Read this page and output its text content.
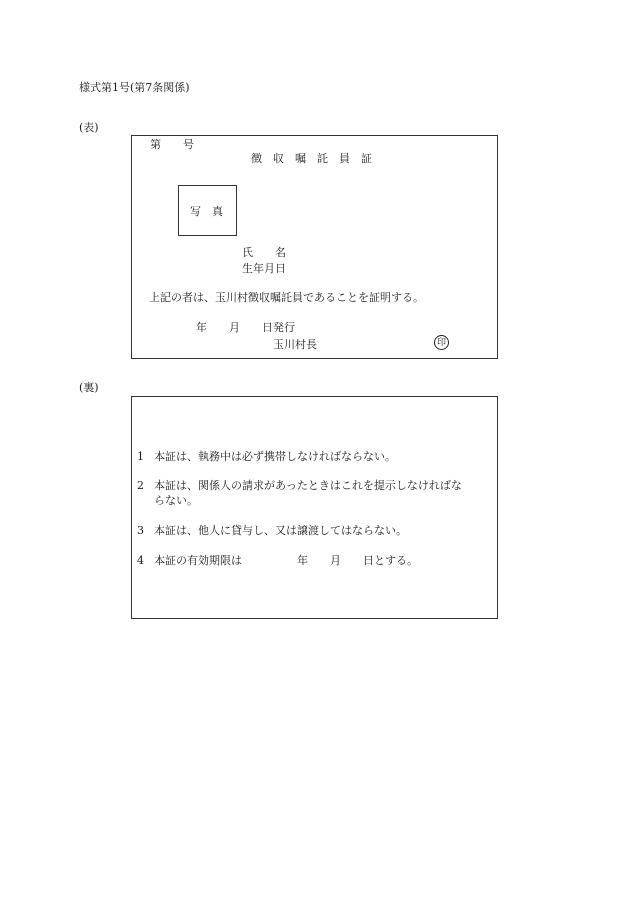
様式第1号(第7条関係)
(表)
第　　号
徴　収　嘱　託　員　証
写　真
氏　　名
生年月日
上記の者は、玉川村徴収嘱託員であることを証明する。
年　　月　　日発行
玉川村長	印
(裏)
1 本証は、執務中は必ず携帯しなければならない。
2 本証は、関係人の請求があったときはこれを提示しなければな
らない。
3 本証は、他人に貸与し、又は譲渡してはならない。
4 本証の有効期限は　　　　　年　　月　　日とする。
